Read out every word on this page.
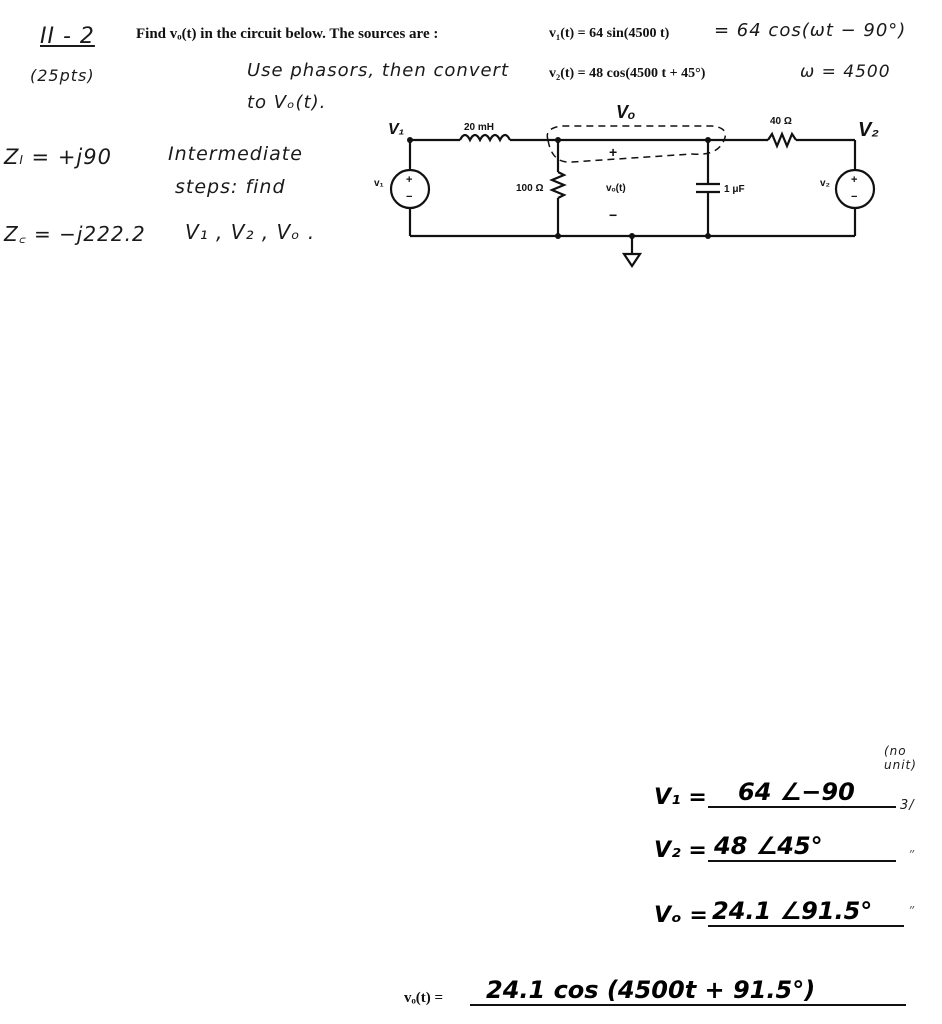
II - 2
(25pts)
Find vₒ(t) in the circuit below. The sources are :	v₁(t) = 64 sin(4500 t) = 64 cos(ωt − 90°)
v₂(t) = 48 cos(4500 t + 45°)	ω = 4500
Use phasors, then convert
to Vₒ(t).
Zₗ = +j90	Intermediate
steps: find
Z꜀ = −j222.2 V₁ , V₂ , Vₒ .
+
−
+
−
20 mH
40 Ω
100 Ω	1 μF
vₒ(t)
+
−
v₁	v₂
V₁	V₂
Vₒ
V₁ =	64 ∠−90
V₂ = 48 ∠45°
Vₒ = 24.1 ∠91.5°
vₒ(t) =	24.1 cos (4500t + 91.5°)
(no
unit)
3/
”
”
